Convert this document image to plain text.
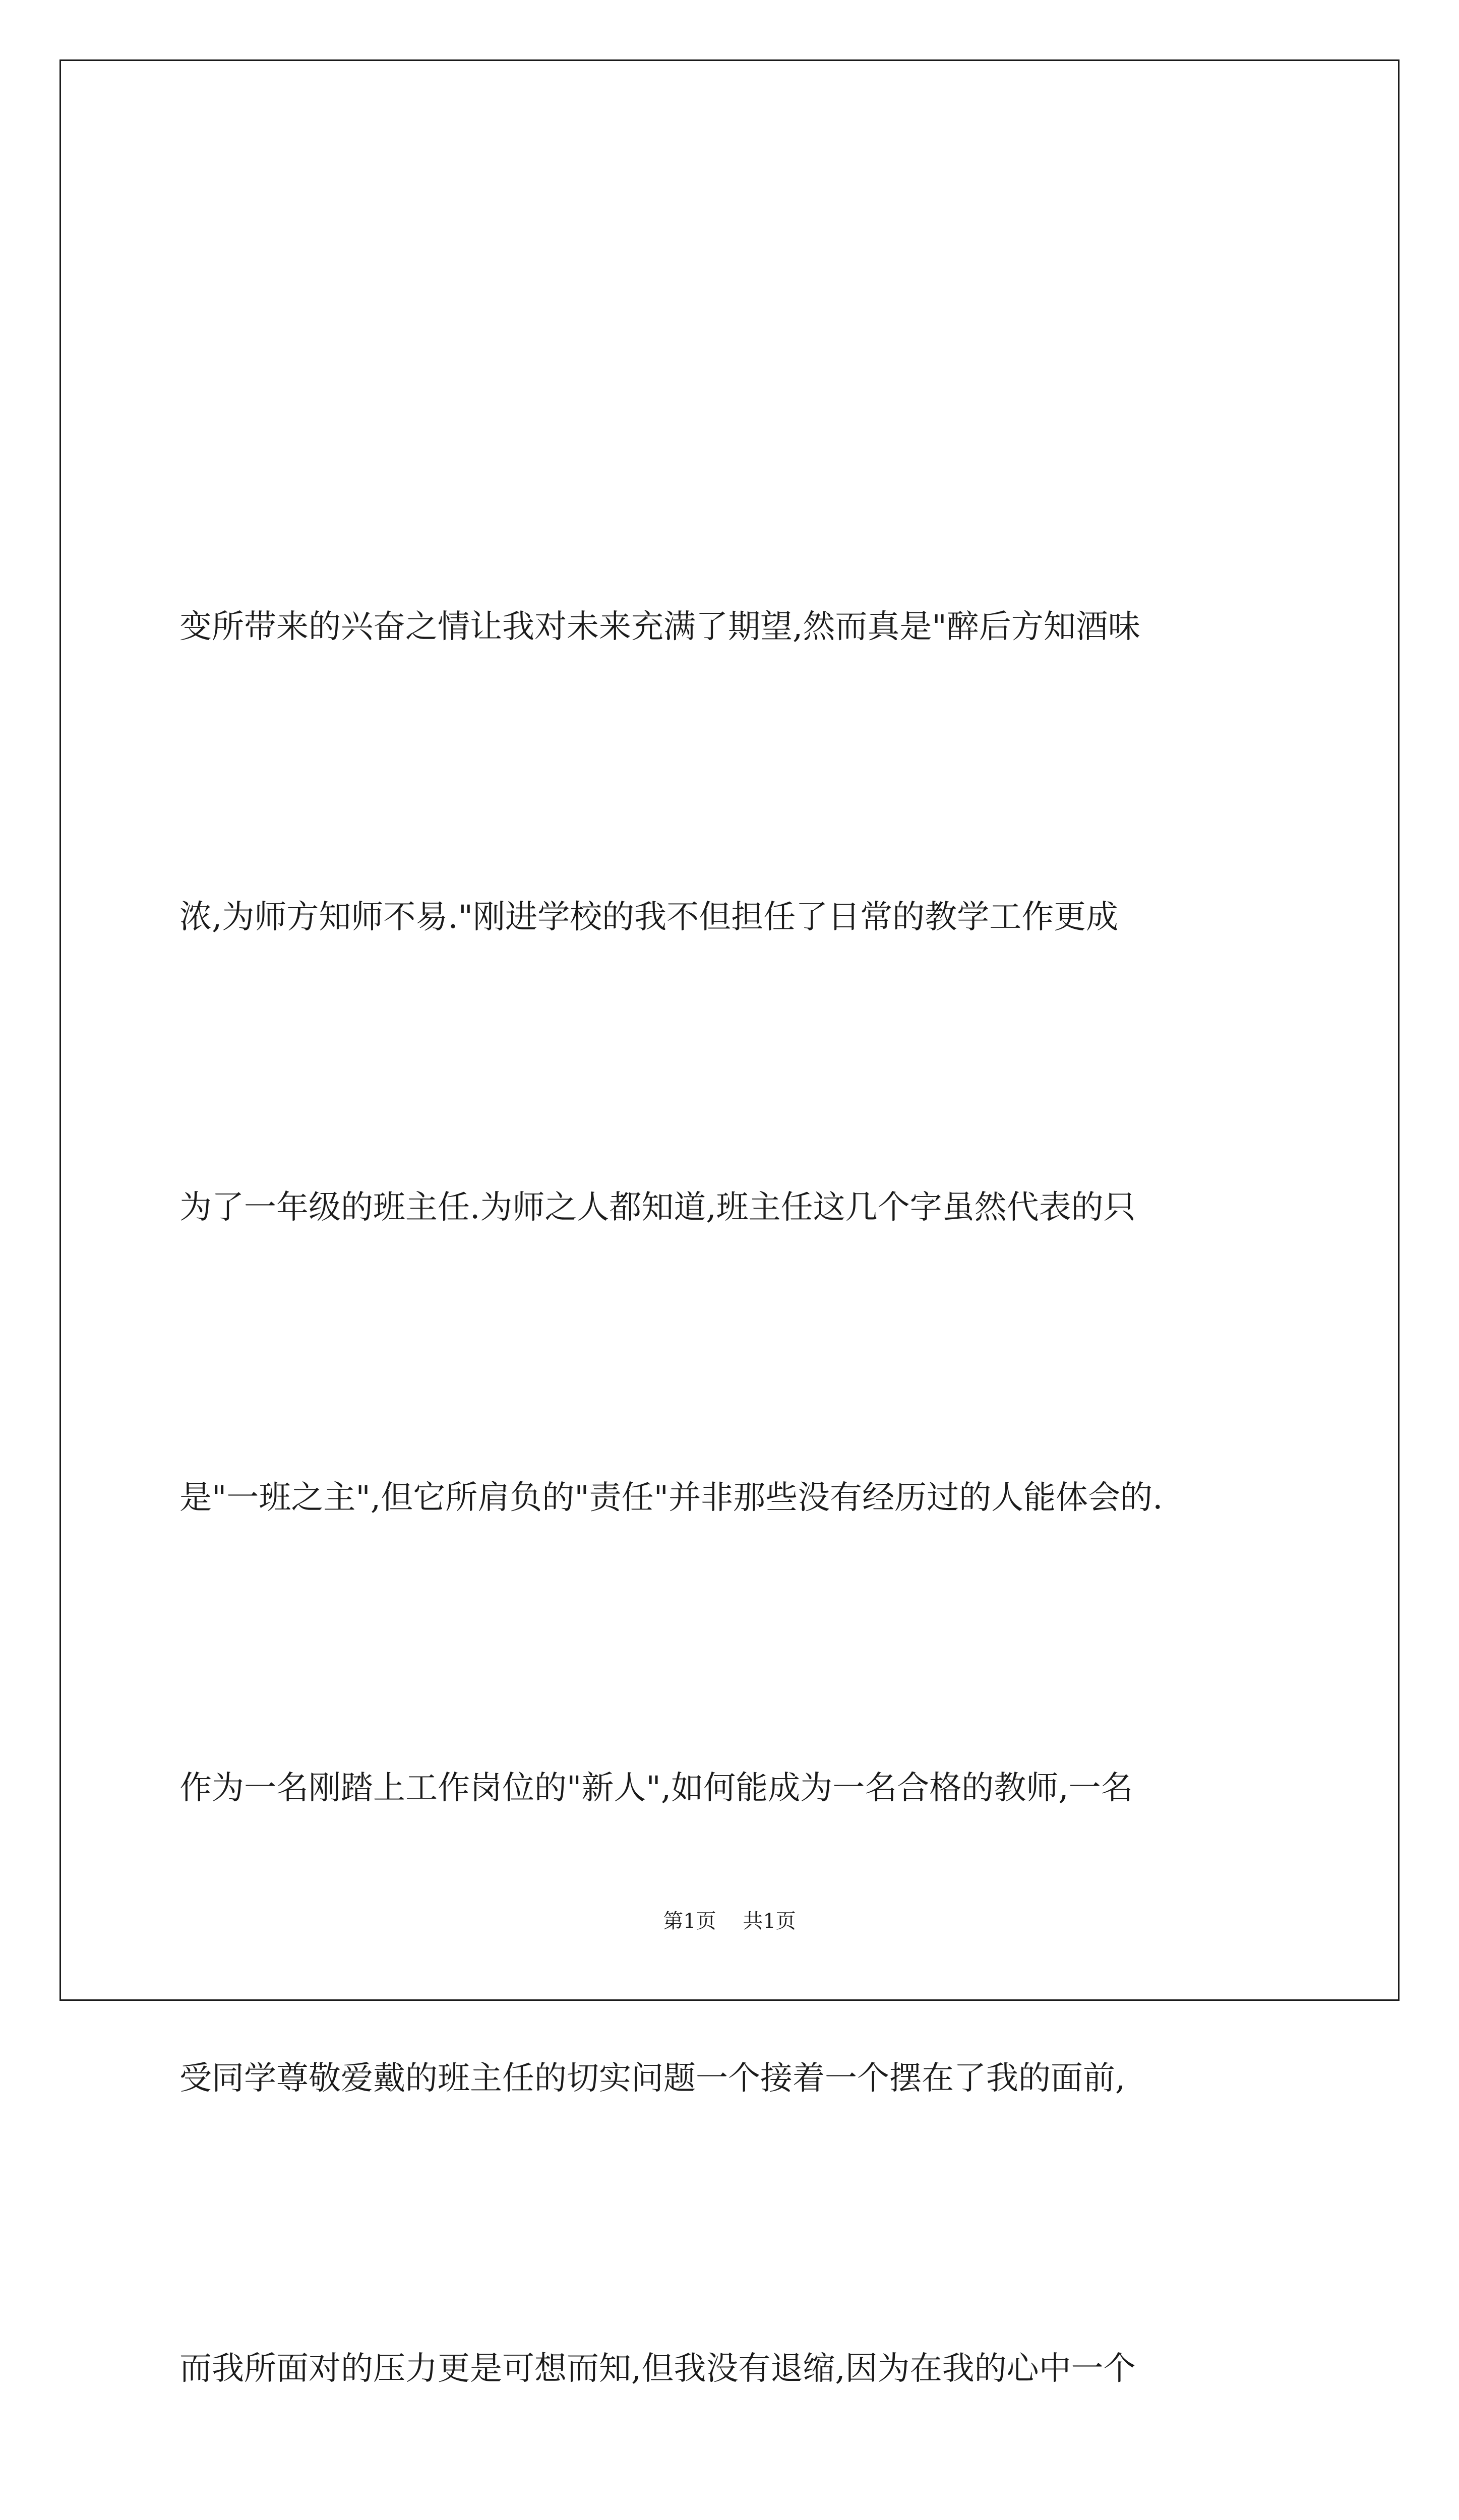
变所带来的兴奋之情让我对未来充满了期望,然而真是"醉后方知酒味

浓,为师方知师不易."刚进学校的我不但担任了日常的教学工作更成

为了一年级的班主任.为师之人都知道,班主任这几个字虽然代表的只

是"一班之主",但它所肩负的"责任"并非那些没有经历过的人能体会的.

作为一名刚踏上工作岗位的"新人",如何能成为一名合格的教师,一名

受同学尊敬爱戴的班主任的切实问题一个接着一个摆在了我的面前,

而我所面对的压力更是可想而知,但我没有退缩,因为在我的心中一个

第1页 共1页
